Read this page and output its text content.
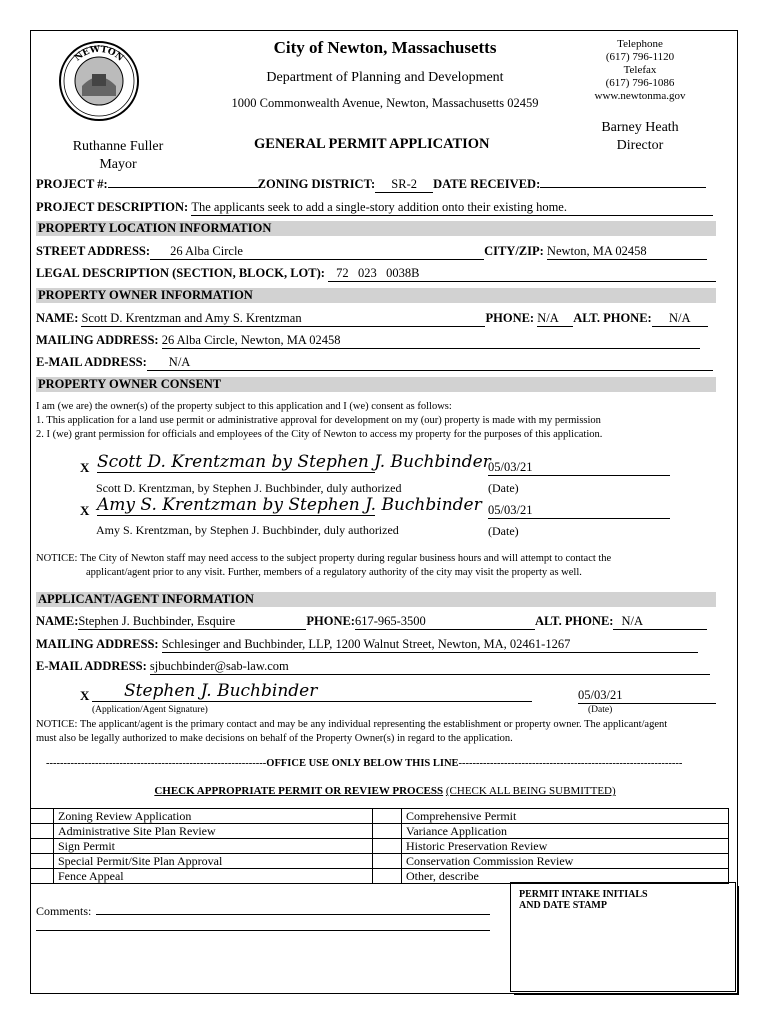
NEWTON
City of Newton, Massachusetts
Department of Planning and Development
1000 Commonwealth Avenue, Newton, Massachusetts 02459
Telephone
(617) 796-1120
Telefax
(617) 796-1086
www.newtonma.gov
Ruthanne Fuller
Mayor
Barney Heath
Director
GENERAL PERMIT APPLICATION
PROJECT #:	ZONING DISTRICT: SR-2 DATE RECEIVED:
PROJECT DESCRIPTION: The applicants seek to add a single-story addition onto their existing home.
PROPERTY LOCATION INFORMATION
STREET ADDRESS: 26 Alba Circle	CITY/ZIP: Newton, MA 02458
LEGAL DESCRIPTION (SECTION, BLOCK, LOT): 72   023   0038B
PROPERTY OWNER INFORMATION
NAME: Scott D. Krentzman and Amy S. Krentzman	PHONE: N/A ALT. PHONE: N/A
MAILING ADDRESS: 26 Alba Circle, Newton, MA 02458
E-MAIL ADDRESS: N/A
PROPERTY OWNER CONSENT
I am (we are) the owner(s) of the property subject to this application and I (we) consent as follows:
1. This application for a land use permit or administrative approval for development on my (our) property is made with my permission
2. I (we) grant permission for officials and employees of the City of Newton to access my property for the purposes of this application.
X Scott D. Krentzman by Stephen J. Buchbinder
Scott D. Krentzman, by Stephen J. Buchbinder, duly authorized
05/03/21
(Date)
X Amy S. Krentzman by Stephen J. Buchbinder
Amy S. Krentzman, by Stephen J. Buchbinder, duly authorized
05/03/21
(Date)
NOTICE: The City of Newton staff may need access to the subject property during regular business hours and will attempt to contact the
applicant/agent prior to any visit. Further, members of a regulatory authority of the city may visit the property as well.
APPLICANT/AGENT INFORMATION
NAME:Stephen J. Buchbinder, Esquire	PHONE:617-965-3500	ALT. PHONE: N/A
MAILING ADDRESS: Schlesinger and Buchbinder, LLP, 1200 Walnut Street, Newton, MA, 02461-1267
E-MAIL ADDRESS: sjbuchbinder@sab-law.com
X	Stephen J. Buchbinder
(Application/Agent Signature)
05/03/21
(Date)
NOTICE: The applicant/agent is the primary contact and may be any individual representing the establishment or property owner. The applicant/agent
must also be legally authorized to make decisions on behalf of the Property Owner(s) in regard to the application.
---------------------------------------------------------------OFFICE USE ONLY BELOW THIS LINE----------------------------------------------------------------
CHECK APPROPRIATE PERMIT OR REVIEW PROCESS (CHECK ALL BEING SUBMITTED)
	Zoning Review Application		Comprehensive Permit
	Administrative Site Plan Review		Variance Application
	Sign Permit		Historic Preservation Review
	Special Permit/Site Plan Approval		Conservation Commission Review
	Fence Appeal		Other, describe
Comments:
PERMIT INTAKE INITIALS
AND DATE STAMP
